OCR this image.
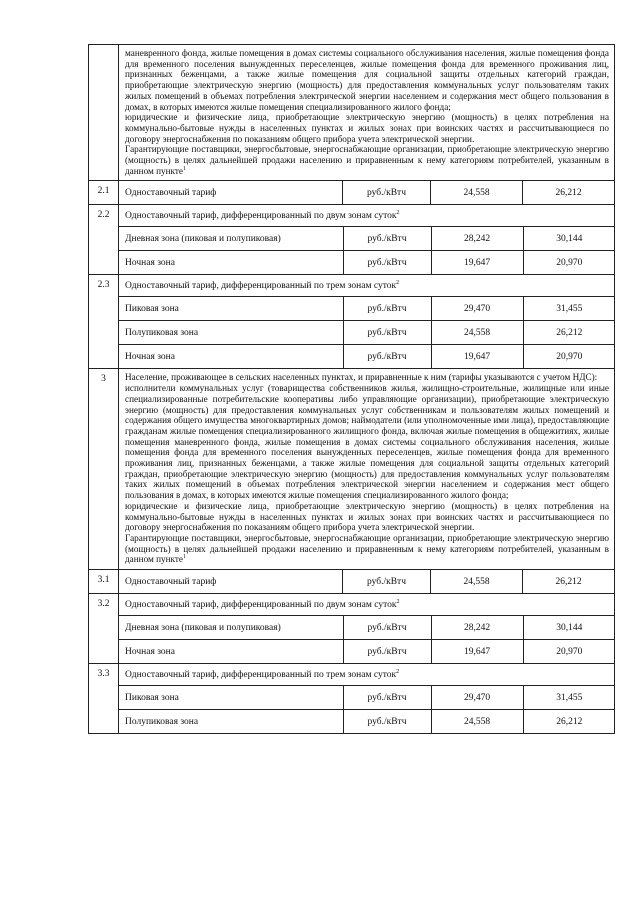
маневренного фонда, жилые помещения в домах системы социального обслуживания населения, жилые помещения фонда для временного поселения вынужденных переселенцев, жилые помещения фонда для временного проживания лиц, признанных беженцами, а также жилые помещения для социальной защиты отдельных категорий граждан, приобретающие электрическую энергию (мощность) для предоставления коммунальных услуг пользователям таких жилых помещений в объемах потребления электрической энергии населением и содержания мест общего пользования в домах, в которых имеются жилые помещения специализированного жилого фонда;

юридические и физические лица, приобретающие электрическую энергию (мощность) в целях потребления на коммунально-бытовые нужды в населенных пунктах и жилых зонах при воинских частях и рассчитывающиеся по договору энергоснабжения по показаниям общего прибора учета электрической энергии.

Гарантирующие поставщики, энергосбытовые, энергоснабжающие организации, приобретающие электрическую энергию (мощность) в целях дальнейшей продажи населению и приравненным к нему категориям потребителей, указанным в данном пункте$^1$

2.1	Одноставочный тариф	руб./кВтч	24,558	26,212
2.2	Одноставочный тариф, дифференцированный по двум зонам суток$^2$
Дневная зона (пиковая и полупиковая)	руб./кВтч	28,242	30,144
Ночная зона	руб./кВтч	19,647	20,970

2.3	Одноставочный тариф, дифференцированный по трем зонам суток$^2$
Пиковая зона	руб./кВтч	29,470	31,455
Полупиковая зона	руб./кВтч	24,558	26,212
Ночная зона	руб./кВтч	19,647	20,970

3	Население, проживающее в сельских населенных пунктах, и приравненные к ним (тарифы указываются с учетом НДС):

исполнители коммунальных услуг (товарищества собственников жилья, жилищно-строительные, жилищные или иные специализированные потребительские кооперативы либо управляющие организации), приобретающие электрическую энергию (мощность) для предоставления коммунальных услуг собственникам и пользователям жилых помещений и содержания общего имущества многоквартирных домов; наймодатели (или уполномоченные ими лица), предоставляющие гражданам жилые помещения специализированного жилищного фонда, включая жилые помещения в общежитиях, жилые помещения маневренного фонда, жилые помещения в домах системы социального обслуживания населения, жилые помещения фонда для временного поселения вынужденных переселенцев, жилые помещения фонда для временного проживания лиц, признанных беженцами, а также жилые помещения для социальной защиты отдельных категорий граждан, приобретающие электрическую энергию (мощность) для предоставления коммунальных услуг пользователям таких жилых помещений в объемах потребления электрической энергии населением и содержания мест общего пользования в домах, в которых имеются жилые помещения специализированного жилого фонда;

юридические и физические лица, приобретающие электрическую энергию (мощность) в целях потребления на коммунально-бытовые нужды в населенных пунктах и жилых зонах при воинских частях и рассчитывающиеся по договору энергоснабжения по показаниям общего прибора учета электрической энергии.

Гарантирующие поставщики, энергосбытовые, энергоснабжающие организации, приобретающие электрическую энергию (мощность) в целях дальнейшей продажи населению и приравненным к нему категориям потребителей, указанным в данном пункте$^1$

3.1	Одноставочный тариф	руб./кВтч	24,558	26,212
3.2	Одноставочный тариф, дифференцированный по двум зонам суток$^2$
Дневная зона (пиковая и полупиковая)	руб./кВтч	28,242	30,144
Ночная зона	руб./кВтч	19,647	20,970

3.3	Одноставочный тариф, дифференцированный по трем зонам суток$^2$
Пиковая зона	руб./кВтч	29,470	31,455
Полупиковая зона	руб./кВтч	24,558	26,212
